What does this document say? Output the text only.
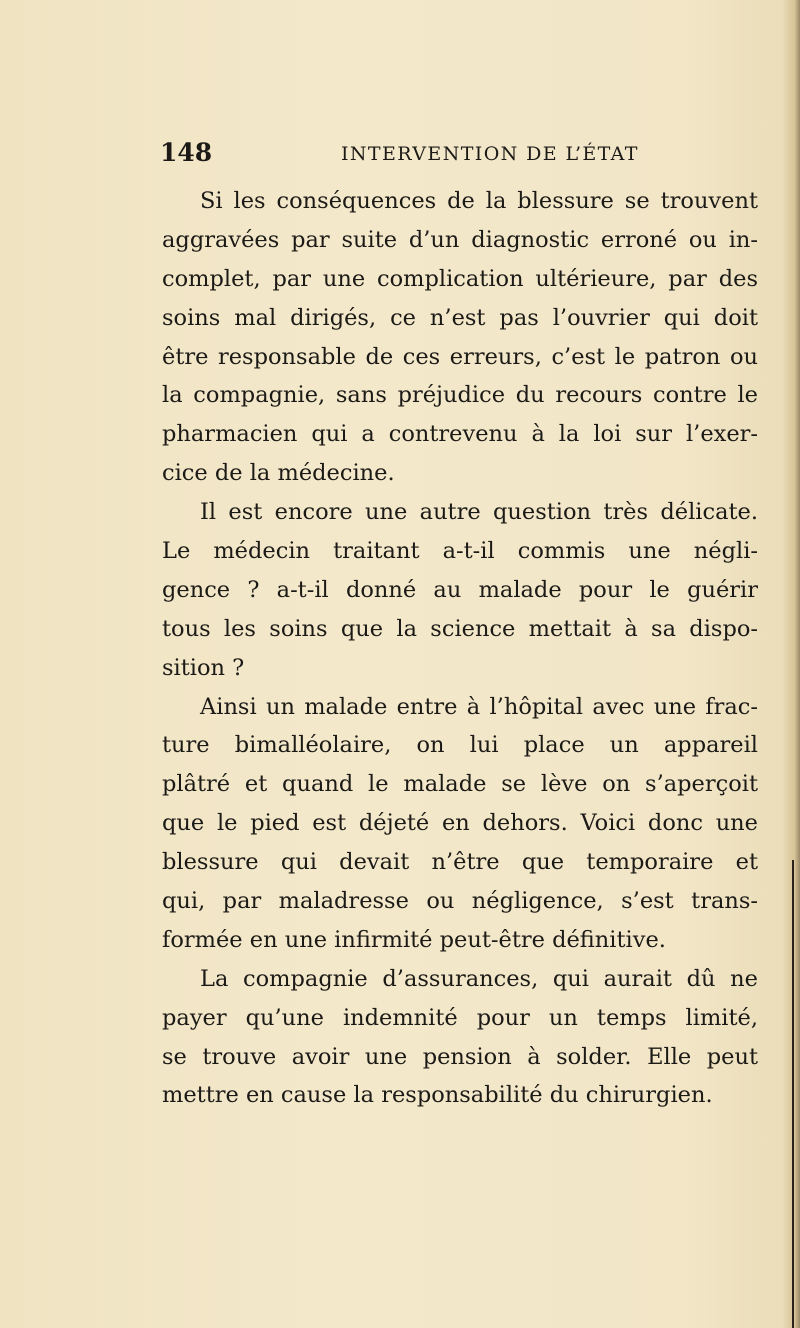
148	INTERVENTION DE L’ÉTAT
Si les conséquences de la blessure se trouvent
aggravées par suite d’un diagnostic erroné ou in-
complet, par une complication ultérieure, par des
soins mal dirigés, ce n’est pas l’ouvrier qui doit
être responsable de ces erreurs, c’est le patron ou
la compagnie, sans préjudice du recours contre le
pharmacien qui a contrevenu à la loi sur l’exer-
cice de la médecine.
Il est encore une autre question très délicate.
Le médecin traitant a-t-il commis une négli-
gence ? a-t-il donné au malade pour le guérir
tous les soins que la science mettait à sa dispo-
sition ?
Ainsi un malade entre à l’hôpital avec une frac-
ture bimalléolaire, on lui place un appareil
plâtré et quand le malade se lève on s’aperçoit
que le pied est déjeté en dehors. Voici donc une
blessure qui devait n’être que temporaire et
qui, par maladresse ou négligence, s’est trans-
formée en une infirmité peut-être définitive.
La compagnie d’assurances, qui aurait dû ne
payer qu’une indemnité pour un temps limité,
se trouve avoir une pension à solder. Elle peut
mettre en cause la responsabilité du chirurgien.
